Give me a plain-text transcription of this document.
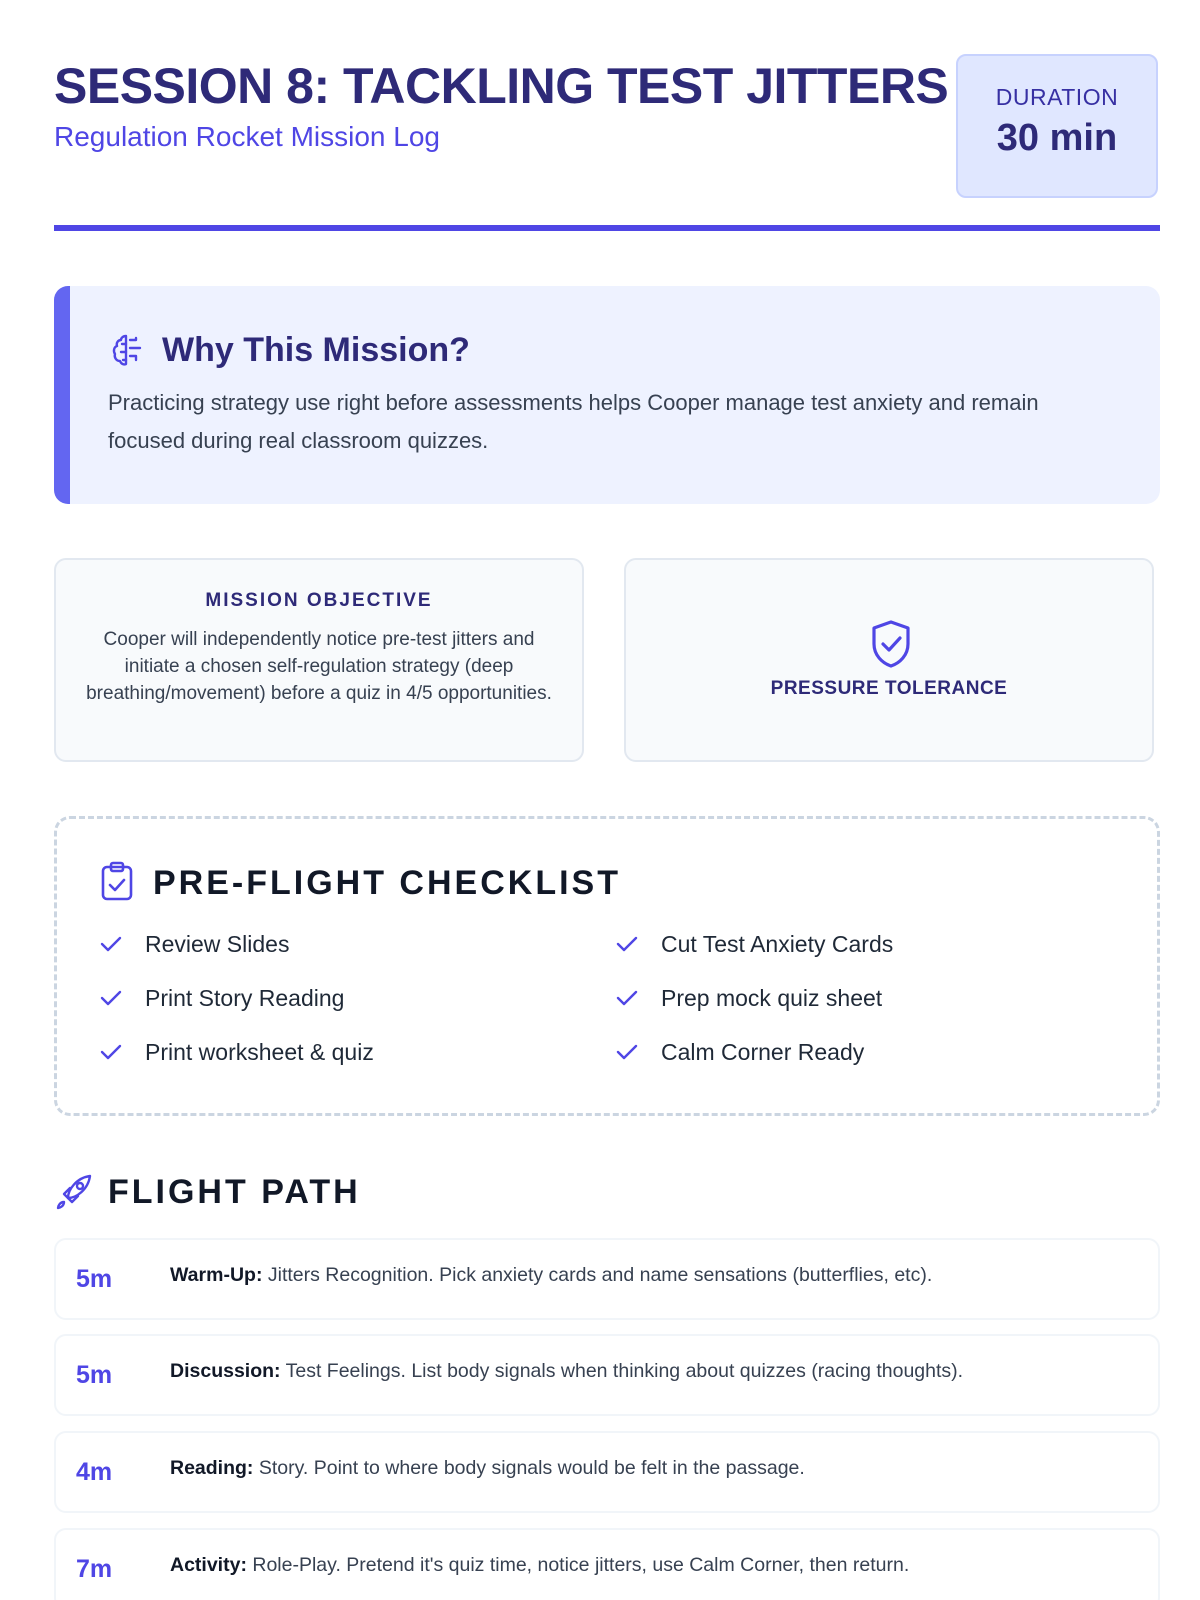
SESSION 8: TACKLING TEST JITTERS
Regulation Rocket Mission Log
DURATION
30 min
Why This Mission?

Practicing strategy use right before assessments helps Cooper manage test anxiety and remain focused during real classroom quizzes.

MISSION OBJECTIVE

Cooper will independently notice pre-test jitters and initiate a chosen self-regulation strategy (deep breathing/movement) before a quiz in 4/5 opportunities.	PRESSURE TOLERANCE
PRE-FLIGHT CHECKLIST
Review Slides	Cut Test Anxiety Cards
Print Story Reading	Prep mock quiz sheet
Print worksheet & quiz	Calm Corner Ready
FLIGHT PATH
5m	Warm-Up: Jitters Recognition. Pick anxiety cards and name sensations (butterflies, etc).
5m	Discussion: Test Feelings. List body signals when thinking about quizzes (racing thoughts).
4m	Reading: Story. Point to where body signals would be felt in the passage.
7m	Activity: Role-Play. Pretend it's quiz time, notice jitters, use Calm Corner, then return.
